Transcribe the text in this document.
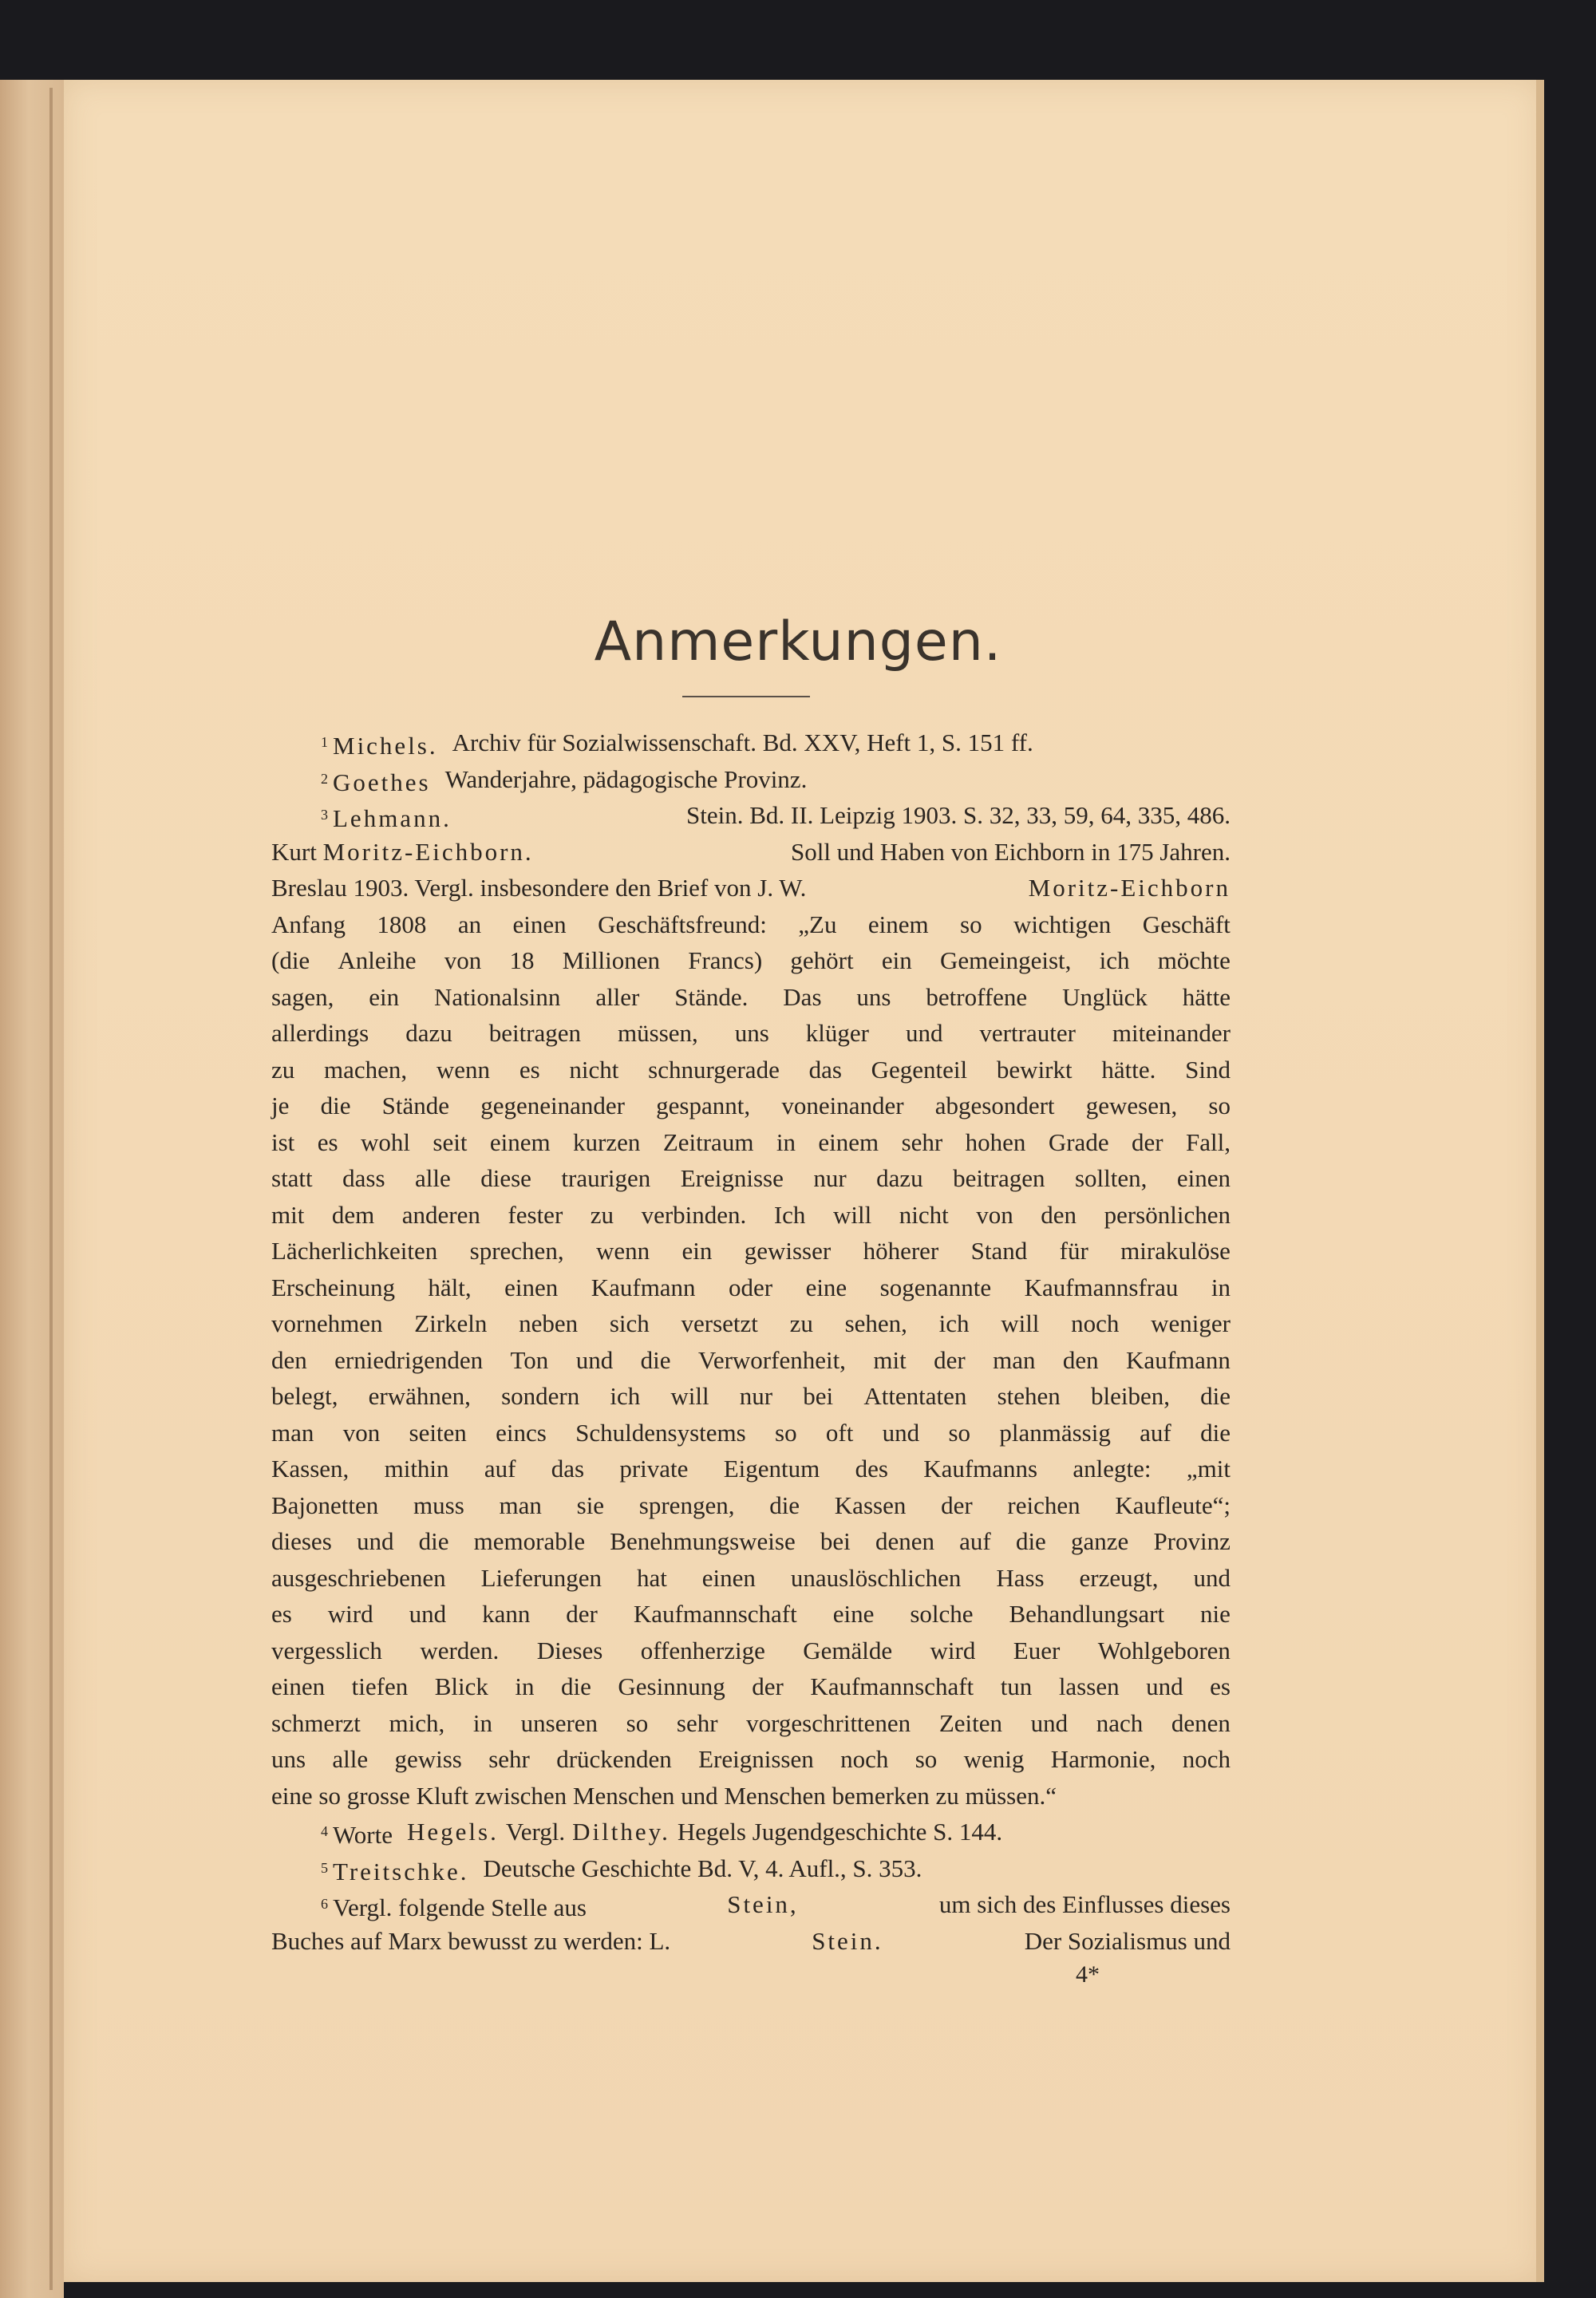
Anmerkungen.
$^1$ Michels. Archiv für Sozialwissenschaft. Bd. XXV, Heft 1, S. 151 ff.
$^2$ Goethes Wanderjahre, pädagogische Provinz.
$^3$ Lehmann.	Stein. Bd. II. Leipzig 1903. S. 32, 33, 59, 64, 335, 486.
Kurt Moritz-Eichborn.	Soll und Haben von Eichborn in 175 Jahren.
Breslau 1903. Vergl. insbesondere den Brief von J. W.	Moritz-Eichborn
Anfang 1808 an einen Geschäftsfreund: „Zu einem so wichtigen Geschäft
(die Anleihe von 18 Millionen Francs) gehört ein Gemeingeist, ich möchte
sagen, ein Nationalsinn aller Stände. Das uns betroffene Unglück hätte
allerdings dazu beitragen müssen, uns klüger und vertrauter miteinander
zu machen, wenn es nicht schnurgerade das Gegenteil bewirkt hätte. Sind
je die Stände gegeneinander gespannt, voneinander abgesondert gewesen, so
ist es wohl seit einem kurzen Zeitraum in einem sehr hohen Grade der Fall,
statt dass alle diese traurigen Ereignisse nur dazu beitragen sollten, einen
mit dem anderen fester zu verbinden. Ich will nicht von den persönlichen
Lächerlichkeiten sprechen, wenn ein gewisser höherer Stand für mirakulöse
Erscheinung hält, einen Kaufmann oder eine sogenannte Kaufmannsfrau in
vornehmen Zirkeln neben sich versetzt zu sehen, ich will noch weniger
den erniedrigenden Ton und die Verworfenheit, mit der man den Kaufmann
belegt, erwähnen, sondern ich will nur bei Attentaten stehen bleiben, die
man von seiten eincs Schuldensystems so oft und so planmässig auf die
Kassen, mithin auf das private Eigentum des Kaufmanns anlegte: „mit
Bajonetten muss man sie sprengen, die Kassen der reichen Kaufleute“;
dieses und die memorable Benehmungsweise bei denen auf die ganze Provinz
ausgeschriebenen Lieferungen hat einen unauslöschlichen Hass erzeugt, und
es wird und kann der Kaufmannschaft eine solche Behandlungsart nie
vergesslich werden. Dieses offenherzige Gemälde wird Euer Wohlgeboren
einen tiefen Blick in die Gesinnung der Kaufmannschaft tun lassen und es
schmerzt mich, in unseren so sehr vorgeschrittenen Zeiten und nach denen
uns alle gewiss sehr drückenden Ereignissen noch so wenig Harmonie, noch
eine so grosse Kluft zwischen Menschen und Menschen bemerken zu müssen.“
$^4$ Worte Hegels. Vergl. Dilthey. Hegels Jugendgeschichte S. 144.
$^5$ Treitschke. Deutsche Geschichte Bd. V, 4. Aufl., S. 353.
$^6$ Vergl. folgende Stelle aus	Stein,	um sich des Einflusses dieses
Buches auf Marx bewusst zu werden: L.	Stein.	Der Sozialismus und
4*
